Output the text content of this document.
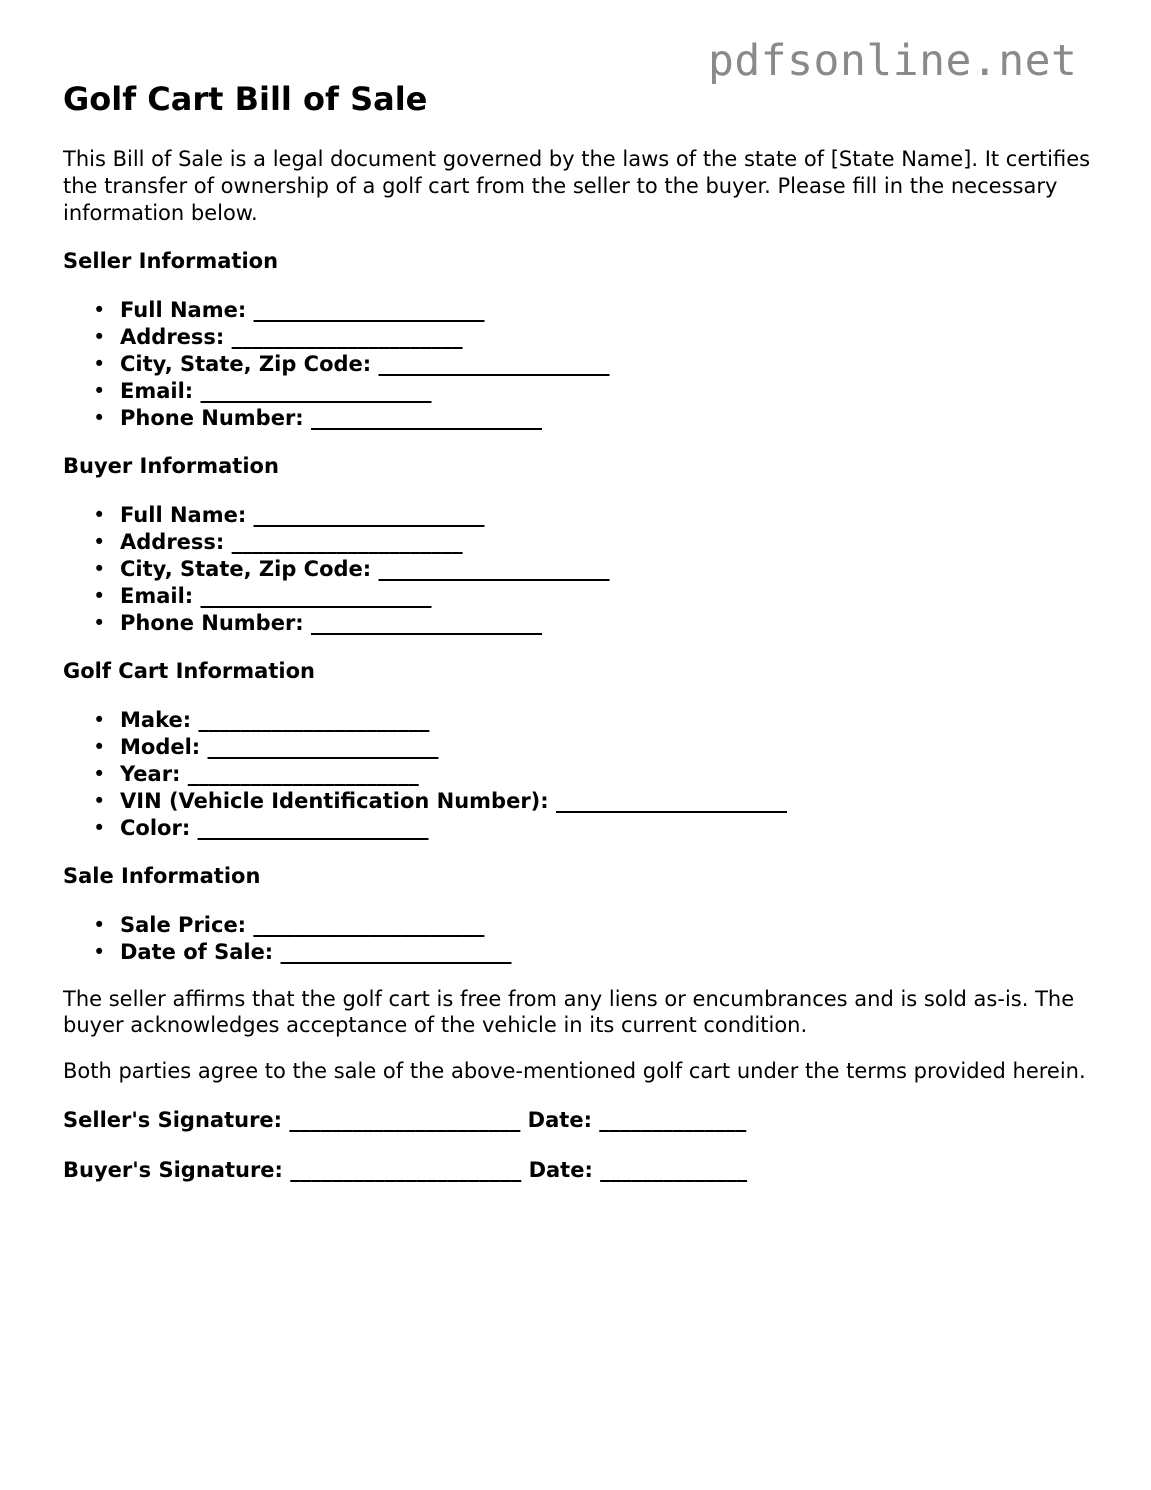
pdfsonline.net
Golf Cart Bill of Sale

This Bill of Sale is a legal document governed by the laws of the state of [State Name]. It certifies the transfer of ownership of a golf cart from the seller to the buyer. Please fill in the necessary information below.

Seller Information
• Full Name: ______________________
• Address: ______________________
• City, State, Zip Code: ______________________
• Email: ______________________
• Phone Number: ______________________
Buyer Information
• Full Name: ______________________
• Address: ______________________
• City, State, Zip Code: ______________________
• Email: ______________________
• Phone Number: ______________________
Golf Cart Information
• Make: ______________________
• Model: ______________________
• Year: ______________________
• VIN (Vehicle Identification Number): ______________________
• Color: ______________________
Sale Information
• Sale Price: ______________________
• Date of Sale: ______________________

The seller affirms that the golf cart is free from any liens or encumbrances and is sold as-is. The buyer acknowledges acceptance of the vehicle in its current condition.

Both parties agree to the sale of the above-mentioned golf cart under the terms provided herein.

Seller's Signature: ______________________ Date: ______________
Buyer's Signature: ______________________ Date: ______________
